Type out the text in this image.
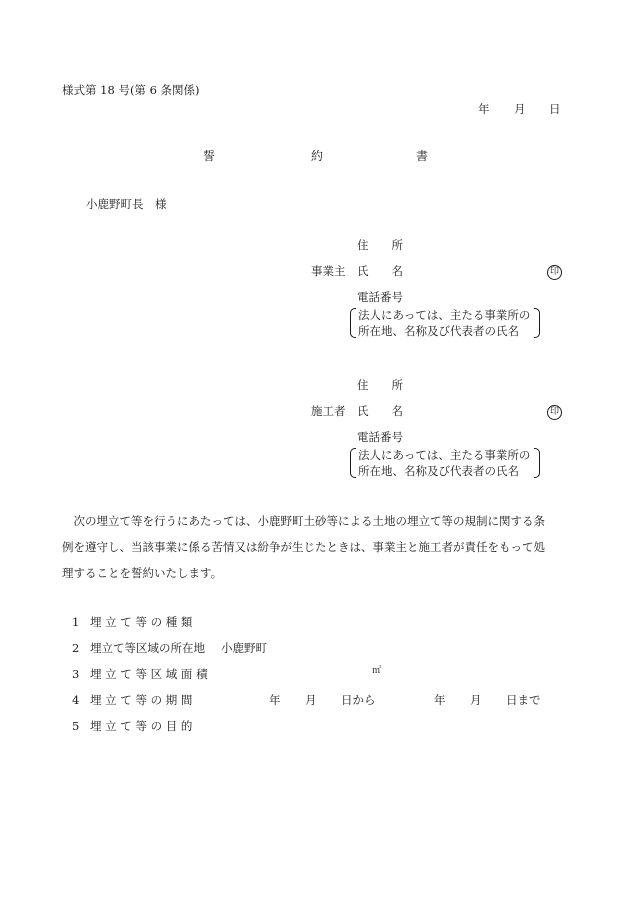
様式第 18 号(第 6 条関係)
年 月 日
誓	約	書
小鹿野町長　様
住　　所
事業主 氏　　名	印
電話番号
法人にあっては、主たる事業所の
所在地、名称及び代表者の氏名
住　　所
施工者 氏　　名	印
電話番号
法人にあっては、主たる事業所の
所在地、名称及び代表者の氏名

　次の埋立て等を行うにあたっては、小鹿野町土砂等による土地の埋立て等の規制に関する条

例を遵守し、当該事業に係る苦情又は紛争が生じたときは、事業主と施工者が責任をもって処

理することを誓約いたします。

1 埋 立 て 等 の 種 類
2 埋立て等区域の所在地 小鹿野町
3 埋 立 て 等 区 域 面 積	㎡
4 埋 立 て 等 の 期 間	年 月 日から	年 月 日まで
5 埋 立 て 等 の 目 的
